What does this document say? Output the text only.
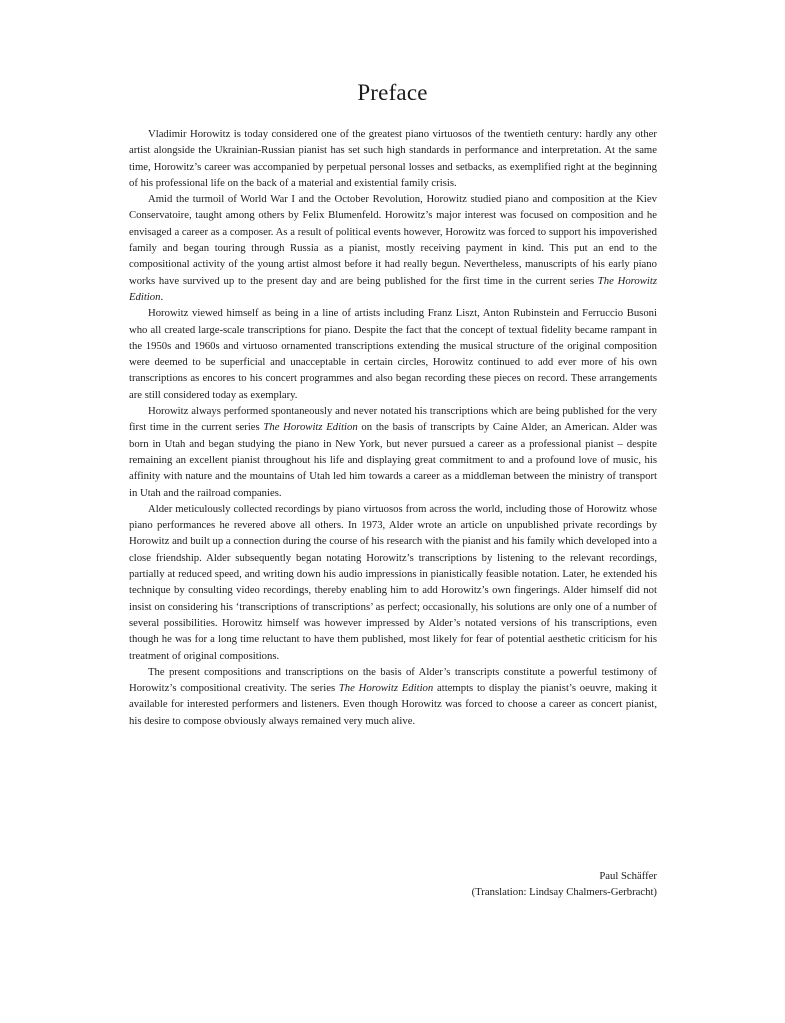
Preface

Vladimir Horowitz is today considered one of the greatest piano virtuosos of the twentieth century: hardly any other artist alongside the Ukrainian-Russian pianist has set such high standards in performance and interpretation. At the same time, Horowitz’s career was accompanied by perpetual personal losses and setbacks, as exemplified right at the beginning of his professional life on the back of a material and existential family crisis.

Amid the turmoil of World War I and the October Revolution, Horowitz studied piano and composition at the Kiev Conservatoire, taught among others by Felix Blumenfeld. Horowitz’s major interest was focused on composition and he envisaged a career as a composer. As a result of political events however, Horowitz was forced to support his impoverished family and began touring through Russia as a pianist, mostly receiving payment in kind. This put an end to the compositional activity of the young artist almost before it had really begun. Nevertheless, manuscripts of his early piano works have survived up to the present day and are being published for the first time in the current series The Horowitz Edition.

Horowitz viewed himself as being in a line of artists including Franz Liszt, Anton Rubinstein and Ferruccio Busoni who all created large-scale transcriptions for piano. Despite the fact that the concept of textual fidelity became rampant in the 1950s and 1960s and virtuoso ornamented transcriptions extending the musical structure of the original composition were deemed to be superficial and unacceptable in certain circles, Horowitz continued to add ever more of his own transcriptions as encores to his concert programmes and also began recording these pieces on record. These arrangements are still considered today as exemplary.

Horowitz always performed spontaneously and never notated his transcriptions which are being published for the very first time in the current series The Horowitz Edition on the basis of transcripts by Caine Alder, an American. Alder was born in Utah and began studying the piano in New York, but never pursued a career as a professional pianist – despite remaining an excellent pianist throughout his life and displaying great commitment to and a profound love of music, his affinity with nature and the mountains of Utah led him towards a career as a middleman between the ministry of transport in Utah and the railroad companies.

Alder meticulously collected recordings by piano virtuosos from across the world, including those of Horowitz whose piano performances he revered above all others. In 1973, Alder wrote an article on unpublished private recordings by Horowitz and built up a connection during the course of his research with the pianist and his family which developed into a close friendship. Alder subsequently began notating Horowitz’s transcriptions by listening to the relevant recordings, partially at reduced speed, and writing down his audio impressions in pianistically feasible notation. Later, he extended his technique by consulting video recordings, thereby enabling him to add Horowitz’s own fingerings. Alder himself did not insist on considering his ‘transcriptions of transcriptions’ as perfect; occasionally, his solutions are only one of a number of several possibilities. Horowitz himself was however impressed by Alder’s notated versions of his transcriptions, even though he was for a long time reluctant to have them published, most likely for fear of potential aesthetic criticism for his treatment of original compositions.

The present compositions and transcriptions on the basis of Alder’s transcripts constitute a powerful testimony of Horowitz’s compositional creativity. The series The Horowitz Edition attempts to display the pianist’s oeuvre, making it available for interested performers and listeners. Even though Horowitz was forced to choose a career as concert pianist, his desire to compose obviously always remained very much alive.

Paul Schäffer
(Translation: Lindsay Chalmers-Gerbracht)
